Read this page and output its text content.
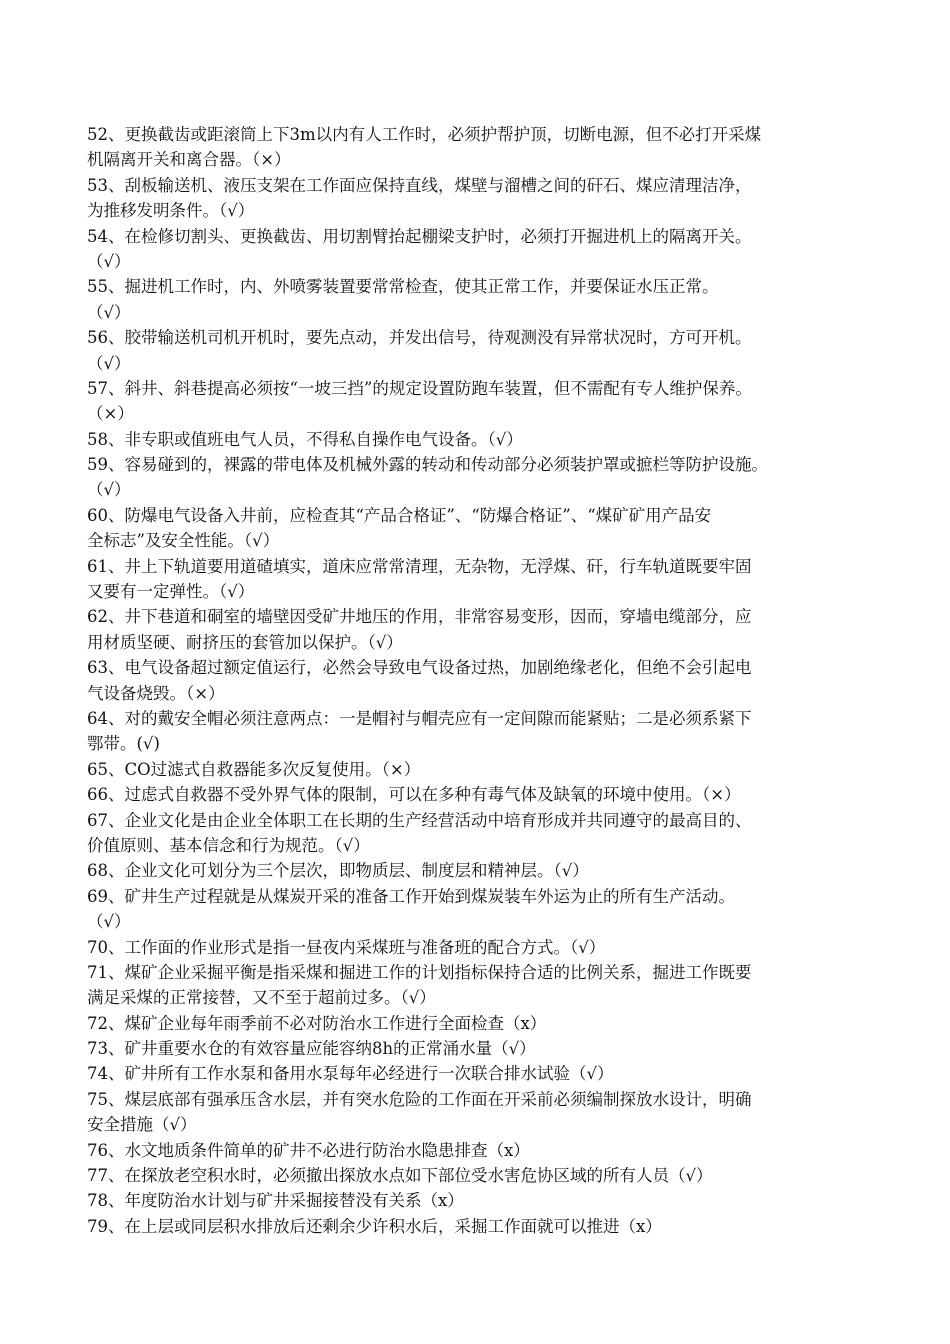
52、更换截齿或距滚筒上下3m以内有人工作时，必须护帮护顶，切断电源，但不必打开采煤
机隔离开关和离合器。（×）
53、刮板输送机、液压支架在工作面应保持直线，煤壁与溜槽之间的矸石、煤应清理洁净，
为推移发明条件。（√）
54、在检修切割头、更换截齿、用切割臂抬起棚梁支护时，必须打开掘进机上的隔离开关。
（√）
55、掘进机工作时，内、外喷雾装置要常常检查，使其正常工作，并要保证水压正常。
（√）
56、胶带输送机司机开机时，要先点动，并发出信号，待观测没有异常状况时，方可开机。
（√）
57、斜井、斜巷提高必须按“一坡三挡”的规定设置防跑车装置，但不需配有专人维护保养。
（×）
58、非专职或值班电气人员，不得私自操作电气设备。（√）
59、容易碰到的，裸露的带电体及机械外露的转动和传动部分必须装护罩或摭栏等防护设施。
（√）
60、防爆电气设备入井前，应检查其“产品合格证”、“防爆合格证”、“煤矿矿用产品安
全标志”及安全性能。（√）
61、井上下轨道要用道碴填实，道床应常常清理，无杂物，无浮煤、矸，行车轨道既要牢固
又要有一定弹性。（√）
62、井下巷道和硐室的墙壁因受矿井地压的作用，非常容易变形，因而，穿墙电缆部分，应
用材质坚硬、耐挤压的套管加以保护。（√）
63、电气设备超过额定值运行，必然会导致电气设备过热，加剧绝缘老化，但绝不会引起电
气设备烧毁。（×）
64、对的戴安全帽必须注意两点：一是帽衬与帽壳应有一定间隙而能紧贴；二是必须系紧下
鄂带。(√)
65、CO过滤式自救器能多次反复使用。（×）
66、过虑式自救器不受外界气体的限制，可以在多种有毒气体及缺氧的环境中使用。（×）
67、企业文化是由企业全体职工在长期的生产经营活动中培育形成并共同遵守的最高目的、
价值原则、基本信念和行为规范。（√）
68、企业文化可划分为三个层次，即物质层、制度层和精神层。（√）
69、矿井生产过程就是从煤炭开采的准备工作开始到煤炭装车外运为止的所有生产活动。
（√）
70、工作面的作业形式是指一昼夜内采煤班与准备班的配合方式。（√）
71、煤矿企业采掘平衡是指采煤和掘进工作的计划指标保持合适的比例关系，掘进工作既要
满足采煤的正常接替，又不至于超前过多。（√）
72、煤矿企业每年雨季前不必对防治水工作进行全面检查（x）
73、矿井重要水仓的有效容量应能容纳8h的正常涌水量（√）
74、矿井所有工作水泵和备用水泵每年必经进行一次联合排水试验（√）
75、煤层底部有强承压含水层，并有突水危险的工作面在开采前必须编制探放水设计，明确
安全措施（√）
76、水文地质条件简单的矿井不必进行防治水隐患排查（x）
77、在探放老空积水时，必须撤出探放水点如下部位受水害危协区域的所有人员（√）
78、年度防治水计划与矿井采掘接替没有关系（x）
79、在上层或同层积水排放后还剩余少许积水后，采掘工作面就可以推进（x）
